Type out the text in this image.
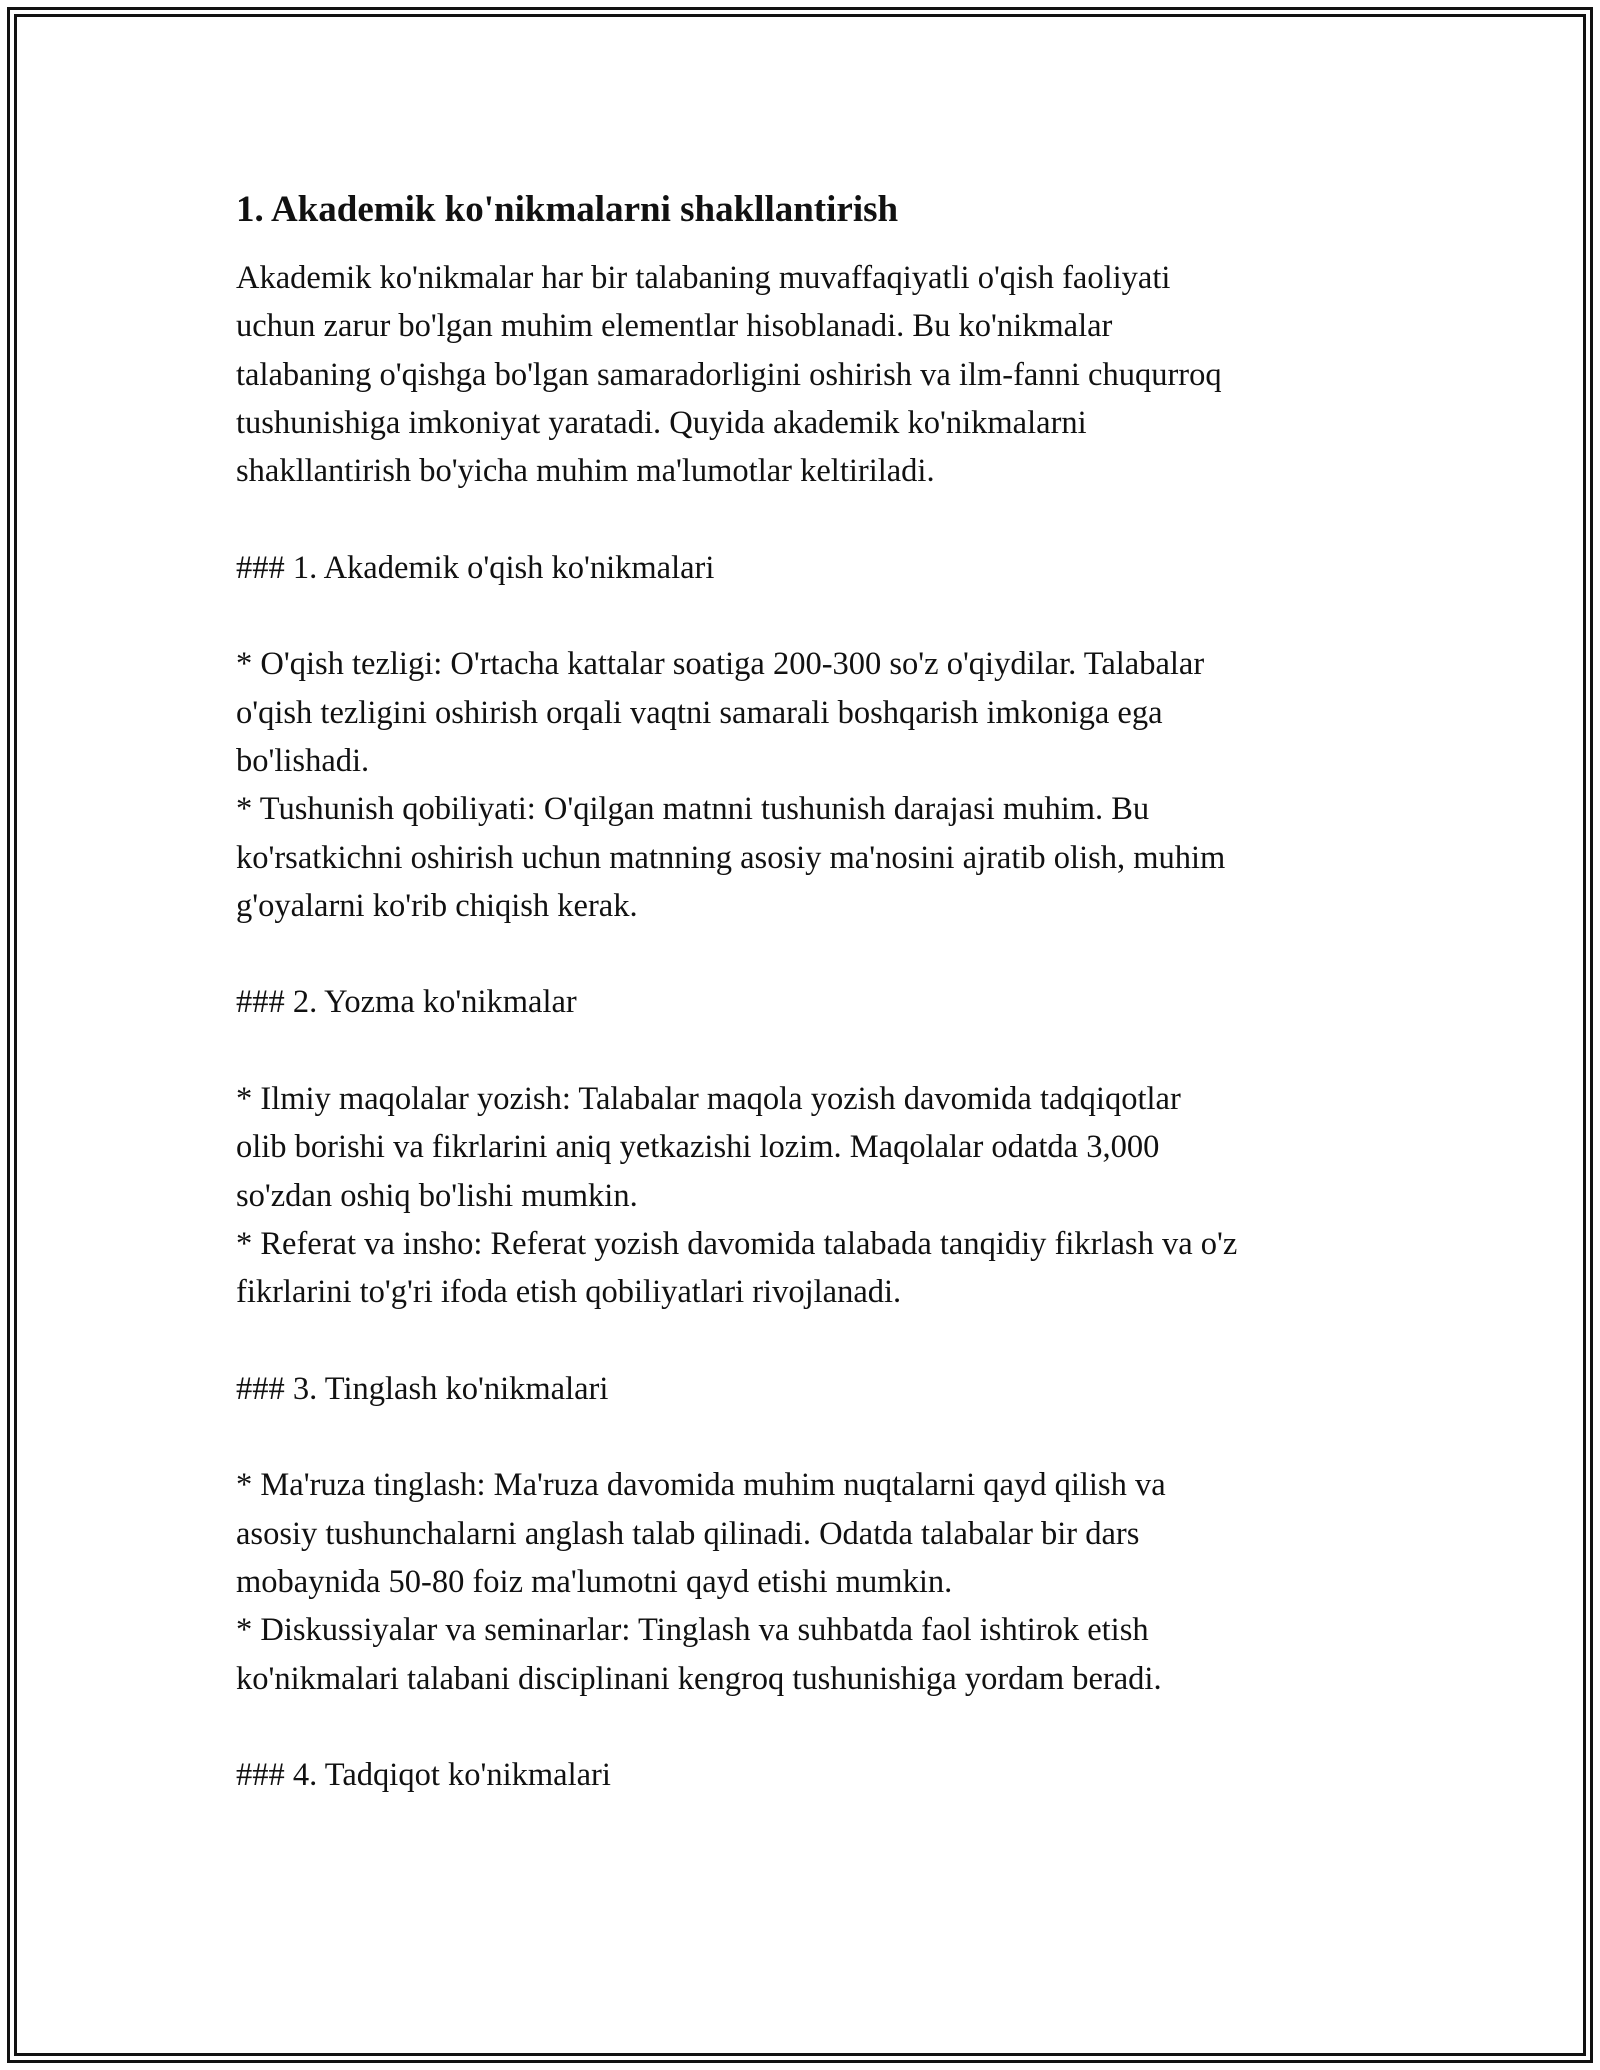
1. Akademik ko'nikmalarni shakllantirish

Akademik ko'nikmalar har bir talabaning muvaffaqiyatli o'qish faoliyati
uchun zarur bo'lgan muhim elementlar hisoblanadi. Bu ko'nikmalar
talabaning o'qishga bo'lgan samaradorligini oshirish va ilm-fanni chuqurroq
tushunishiga imkoniyat yaratadi. Quyida akademik ko'nikmalarni
shakllantirish bo'yicha muhim ma'lumotlar keltiriladi.

### 1. Akademik o'qish ko'nikmalari

* O'qish tezligi: O'rtacha kattalar soatiga 200-300 so'z o'qiydilar. Talabalar
o'qish tezligini oshirish orqali vaqtni samarali boshqarish imkoniga ega
bo'lishadi.

* Tushunish qobiliyati: O'qilgan matnni tushunish darajasi muhim. Bu
ko'rsatkichni oshirish uchun matnning asosiy ma'nosini ajratib olish, muhim
g'oyalarni ko'rib chiqish kerak.

### 2. Yozma ko'nikmalar

* Ilmiy maqolalar yozish: Talabalar maqola yozish davomida tadqiqotlar
olib borishi va fikrlarini aniq yetkazishi lozim. Maqolalar odatda 3,000
so'zdan oshiq bo'lishi mumkin.

* Referat va insho: Referat yozish davomida talabada tanqidiy fikrlash va o'z
fikrlarini to'g'ri ifoda etish qobiliyatlari rivojlanadi.

### 3. Tinglash ko'nikmalari

* Ma'ruza tinglash: Ma'ruza davomida muhim nuqtalarni qayd qilish va
asosiy tushunchalarni anglash talab qilinadi. Odatda talabalar bir dars
mobaynida 50-80 foiz ma'lumotni qayd etishi mumkin.

* Diskussiyalar va seminarlar: Tinglash va suhbatda faol ishtirok etish
ko'nikmalari talabani disciplinani kengroq tushunishiga yordam beradi.

### 4. Tadqiqot ko'nikmalari
